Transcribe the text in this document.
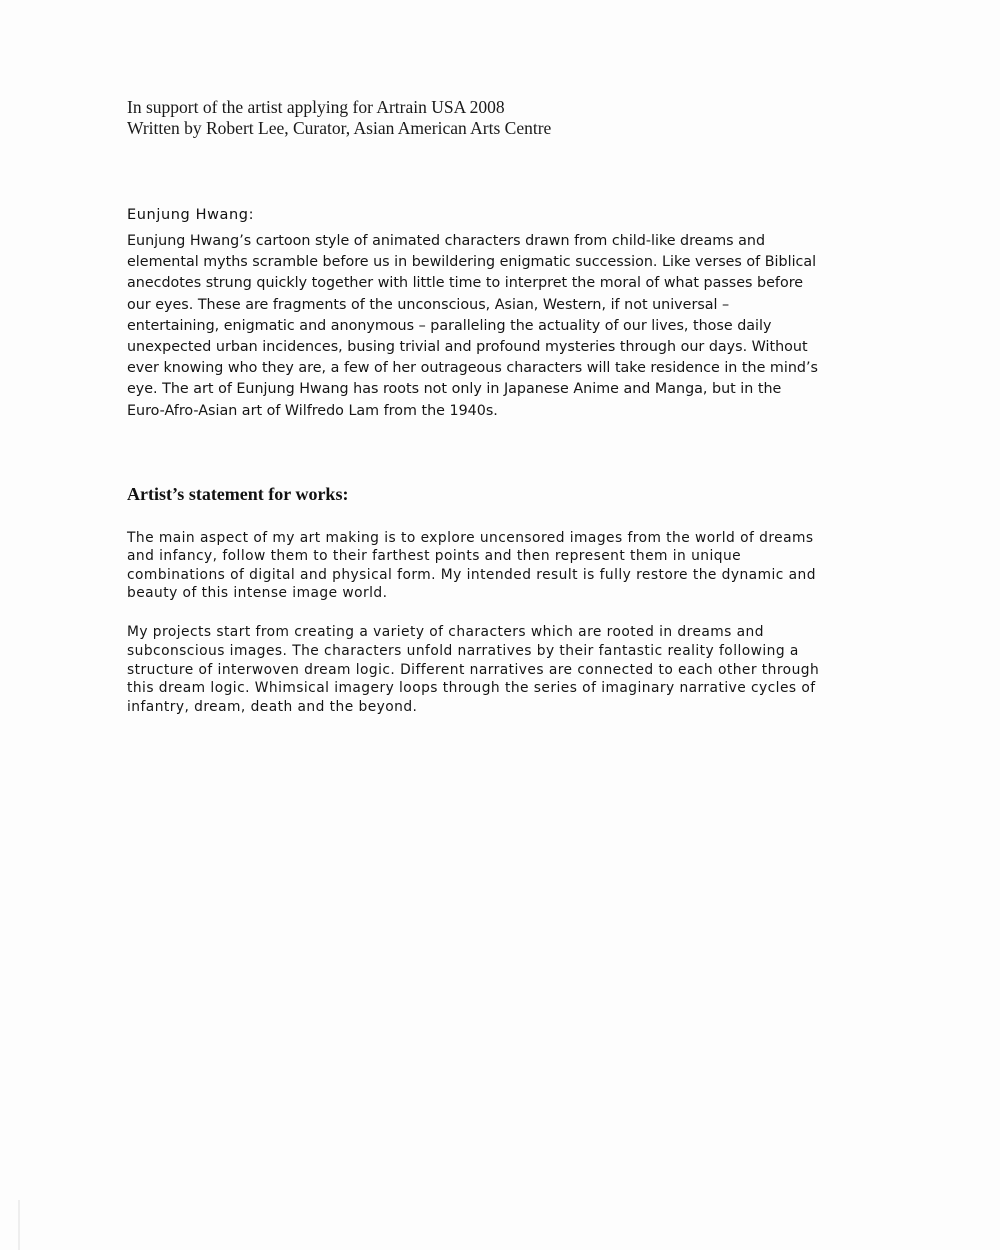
In support of the artist applying for Artrain USA 2008
Written by Robert Lee, Curator, Asian American Arts Centre
Eunjung Hwang:
Eunjung Hwang’s cartoon style of animated characters drawn from child-like dreams and
elemental myths scramble before us in bewildering enigmatic succession. Like verses of Biblical
anecdotes strung quickly together with little time to interpret the moral of what passes before
our eyes. These are fragments of the unconscious, Asian, Western, if not universal –
entertaining, enigmatic and anonymous – paralleling the actuality of our lives, those daily
unexpected urban incidences, busing trivial and profound mysteries through our days. Without
ever knowing who they are, a few of her outrageous characters will take residence in the mind’s
eye. The art of Eunjung Hwang has roots not only in Japanese Anime and Manga, but in the
Euro-Afro-Asian art of Wilfredo Lam from the 1940s.
Artist’s statement for works:
The main aspect of my art making is to explore uncensored images from the world of dreams
and infancy, follow them to their farthest points and then represent them in unique
combinations of digital and physical form. My intended result is fully restore the dynamic and
beauty of this intense image world.
My projects start from creating a variety of characters which are rooted in dreams and
subconscious images. The characters unfold narratives by their fantastic reality following a
structure of interwoven dream logic. Different narratives are connected to each other through
this dream logic. Whimsical imagery loops through the series of imaginary narrative cycles of
infantry, dream, death and the beyond.
